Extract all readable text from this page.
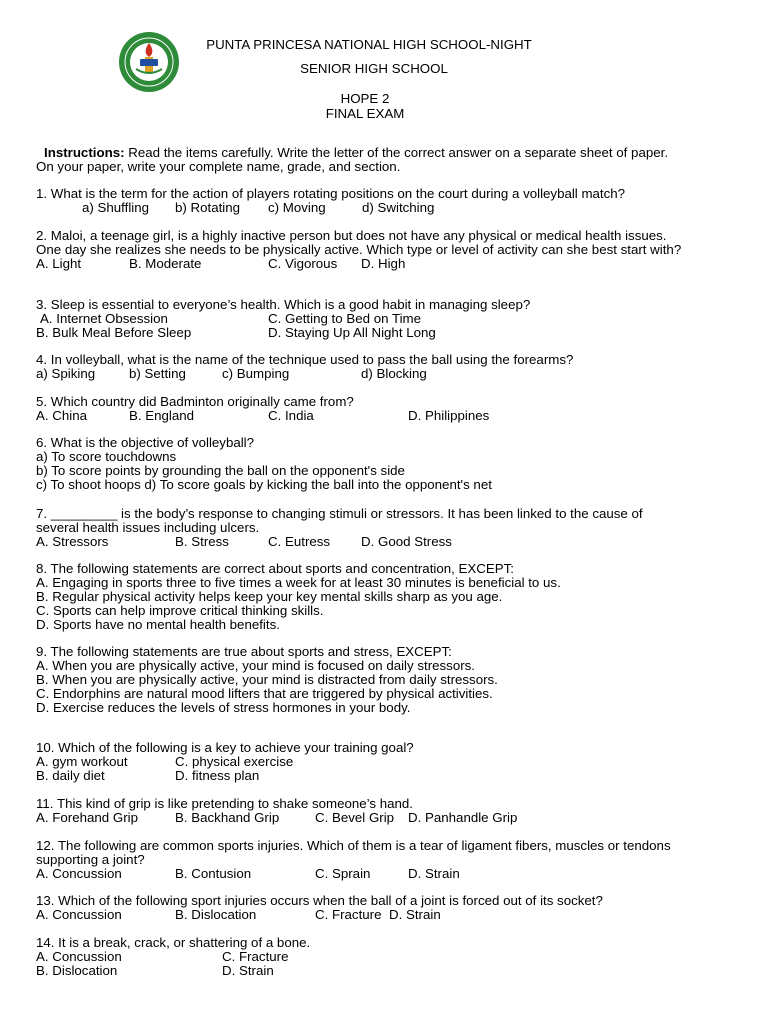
PUNTA PRINCESA NATIONAL HIGH SCHOOL-NIGHT
SENIOR HIGH SCHOOL
HOPE 2
FINAL EXAM
Instructions: Read the items carefully. Write the letter of the correct answer on a separate sheet of paper. On your paper, write your complete name, grade, and section.
1. What is the term for the action of players rotating positions on the court during a volleyball match?
a) Shuffling b) Rotating c) Moving	d) Switching
2. Maloi, a teenage girl, is a highly inactive person but does not have any physical or medical health issues. One day she realizes she needs to be physically active. Which type or level of activity can she best start with?
A. Light	B. Moderate	C. Vigorous D. High
3. Sleep is essential to everyone’s health. Which is a good habit in managing sleep?
A. Internet Obsession	C. Getting to Bed on Time
B. Bulk Meal Before Sleep	D. Staying Up All Night Long
4. In volleyball, what is the name of the technique used to pass the ball using the forearms?
a) Spiking	b) Setting	c) Bumping	d) Blocking
5. Which country did Badminton originally came from?
A. China	B. England	C. India	D. Philippines
6. What is the objective of volleyball?
a) To score touchdowns
b) To score points by grounding the ball on the opponent's side
c) To shoot hoops d) To score goals by kicking the ball into the opponent's net
7. _________ is the body’s response to changing stimuli or stressors. It has been linked to the cause of several health issues including ulcers.
A. Stressors	B. Stress	C. Eutress D. Good Stress
8. The following statements are correct about sports and concentration, EXCEPT:
A. Engaging in sports three to five times a week for at least 30 minutes is beneficial to us.
B. Regular physical activity helps keep your key mental skills sharp as you age.
C. Sports can help improve critical thinking skills.
D. Sports have no mental health benefits.
9. The following statements are true about sports and stress, EXCEPT:
A. When you are physically active, your mind is focused on daily stressors.
B. When you are physically active, your mind is distracted from daily stressors.
C. Endorphins are natural mood lifters that are triggered by physical activities.
D. Exercise reduces the levels of stress hormones in your body.
10. Which of the following is a key to achieve your training goal?
A. gym workout	C. physical exercise
B. daily diet	D. fitness plan
11. This kind of grip is like pretending to shake someone’s hand.
A. Forehand Grip	B. Backhand Grip	C. Bevel Grip D. Panhandle Grip
12. The following are common sports injuries. Which of them is a tear of ligament fibers, muscles or tendons supporting a joint?
A. Concussion	B. Contusion	C. Sprain	D. Strain
13. Which of the following sport injuries occurs when the ball of a joint is forced out of its socket?
A. Concussion	B. Dislocation	C. Fracture D. Strain
14. It is a break, crack, or shattering of a bone.
A. Concussion	C. Fracture
B. Dislocation	D. Strain
